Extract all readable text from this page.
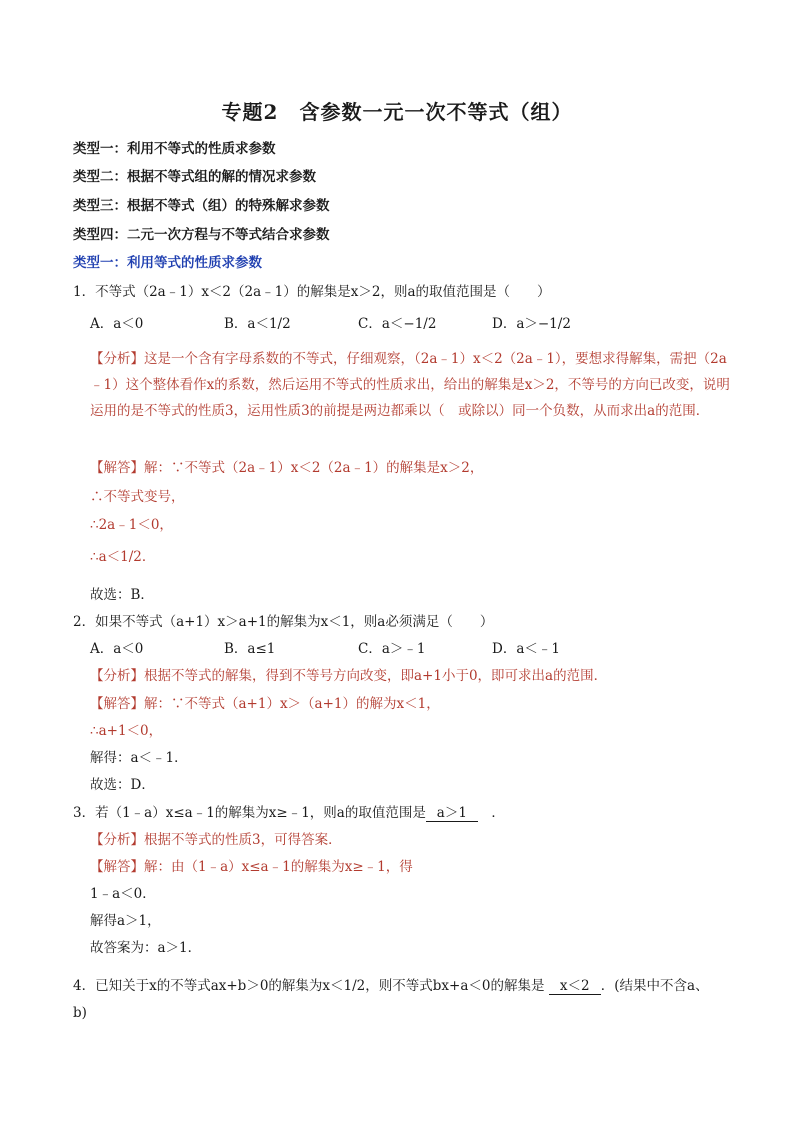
专题2　含参数一元一次不等式（组）
类型一：利用不等式的性质求参数
类型二：根据不等式组的解的情况求参数
类型三：根据不等式（组）的特殊解求参数
类型四：二元一次方程与不等式结合求参数
类型一：利用等式的性质求参数
1．不等式（2a﹣1）x＜2（2a﹣1）的解集是x＞2，则a的取值范围是（　　）
A．a＜0	B．a＜1/2	C．a＜−1/2	D．a＞−1/2
【分析】这是一个含有字母系数的不等式，仔细观察，（2a﹣1）x＜2（2a﹣1），要想求得解集，需把（2a﹣1）这个整体看作x的系数，然后运用不等式的性质求出，给出的解集是x＞2，不等号的方向已改变，说明运用的是不等式的性质3，运用性质3的前提是两边都乘以（　或除以）同一个负数，从而求出a的范围．
【解答】解：∵不等式（2a﹣1）x＜2（2a﹣1）的解集是x＞2，
∴不等式变号，
∴2a﹣1＜0，
∴a＜1/2．
故选：B．
2．如果不等式（a+1）x＞a+1的解集为x＜1，则a必须满足（　　）
A．a＜0	B．a≤1	C．a＞﹣1	D．a＜﹣1
【分析】根据不等式的解集，得到不等号方向改变，即a+1小于0，即可求出a的范围．
【解答】解：∵不等式（a+1）x＞（a+1）的解为x＜1，
∴a+1＜0，
解得：a＜﹣1．
故选：D．
3．若（1﹣a）x≤a﹣1的解集为x≥﹣1，则a的取值范围是 a＞1　．
【分析】根据不等式的性质3，可得答案．
【解答】解：由（1﹣a）x≤a﹣1的解集为x≥﹣1，得
1﹣a＜0．
解得a＞1，
故答案为：a＞1．
4．已知关于x的不等式ax+b＞0的解集为x＜1/2，则不等式bx+a＜0的解集是 x＜2 ．(结果中不含a、
b)
